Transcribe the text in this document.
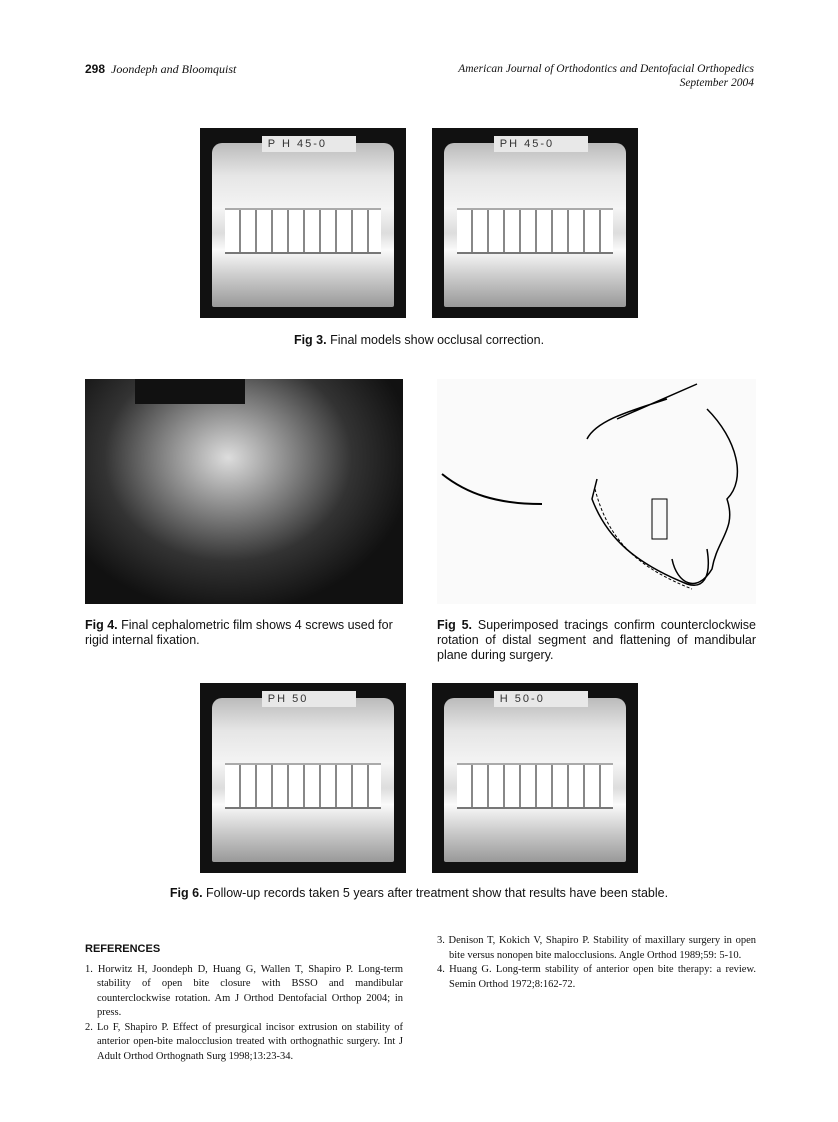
298 Joondeph and Bloomquist	American Journal of Orthodontics and Dentofacial Orthopedics
September 2004
P H 45-0	PH 45-0
Fig 3. Final models show occlusal correction.
Fig 4. Final cephalometric film shows 4 screws used for rigid internal fixation.
Fig 5. Superimposed tracings confirm counterclockwise rotation of distal segment and flattening of mandibular plane during surgery.
PH 50	H 50-0
Fig 6. Follow-up records taken 5 years after treatment show that results have been stable.
REFERENCES
1. Horwitz H, Joondeph D, Huang G, Wallen T, Shapiro P. Long-term stability of open bite closure with BSSO and mandibular counterclockwise rotation. Am J Orthod Dentofacial Orthop 2004; in press.
2. Lo F, Shapiro P. Effect of presurgical incisor extrusion on stability of anterior open-bite malocclusion treated with orthognathic surgery. Int J Adult Orthod Orthognath Surg 1998;13:23-34.
3. Denison T, Kokich V, Shapiro P. Stability of maxillary surgery in open bite versus nonopen bite malocclusions. Angle Orthod 1989;59: 5-10.
4. Huang G. Long-term stability of anterior open bite therapy: a review. Semin Orthod 1972;8:162-72.
